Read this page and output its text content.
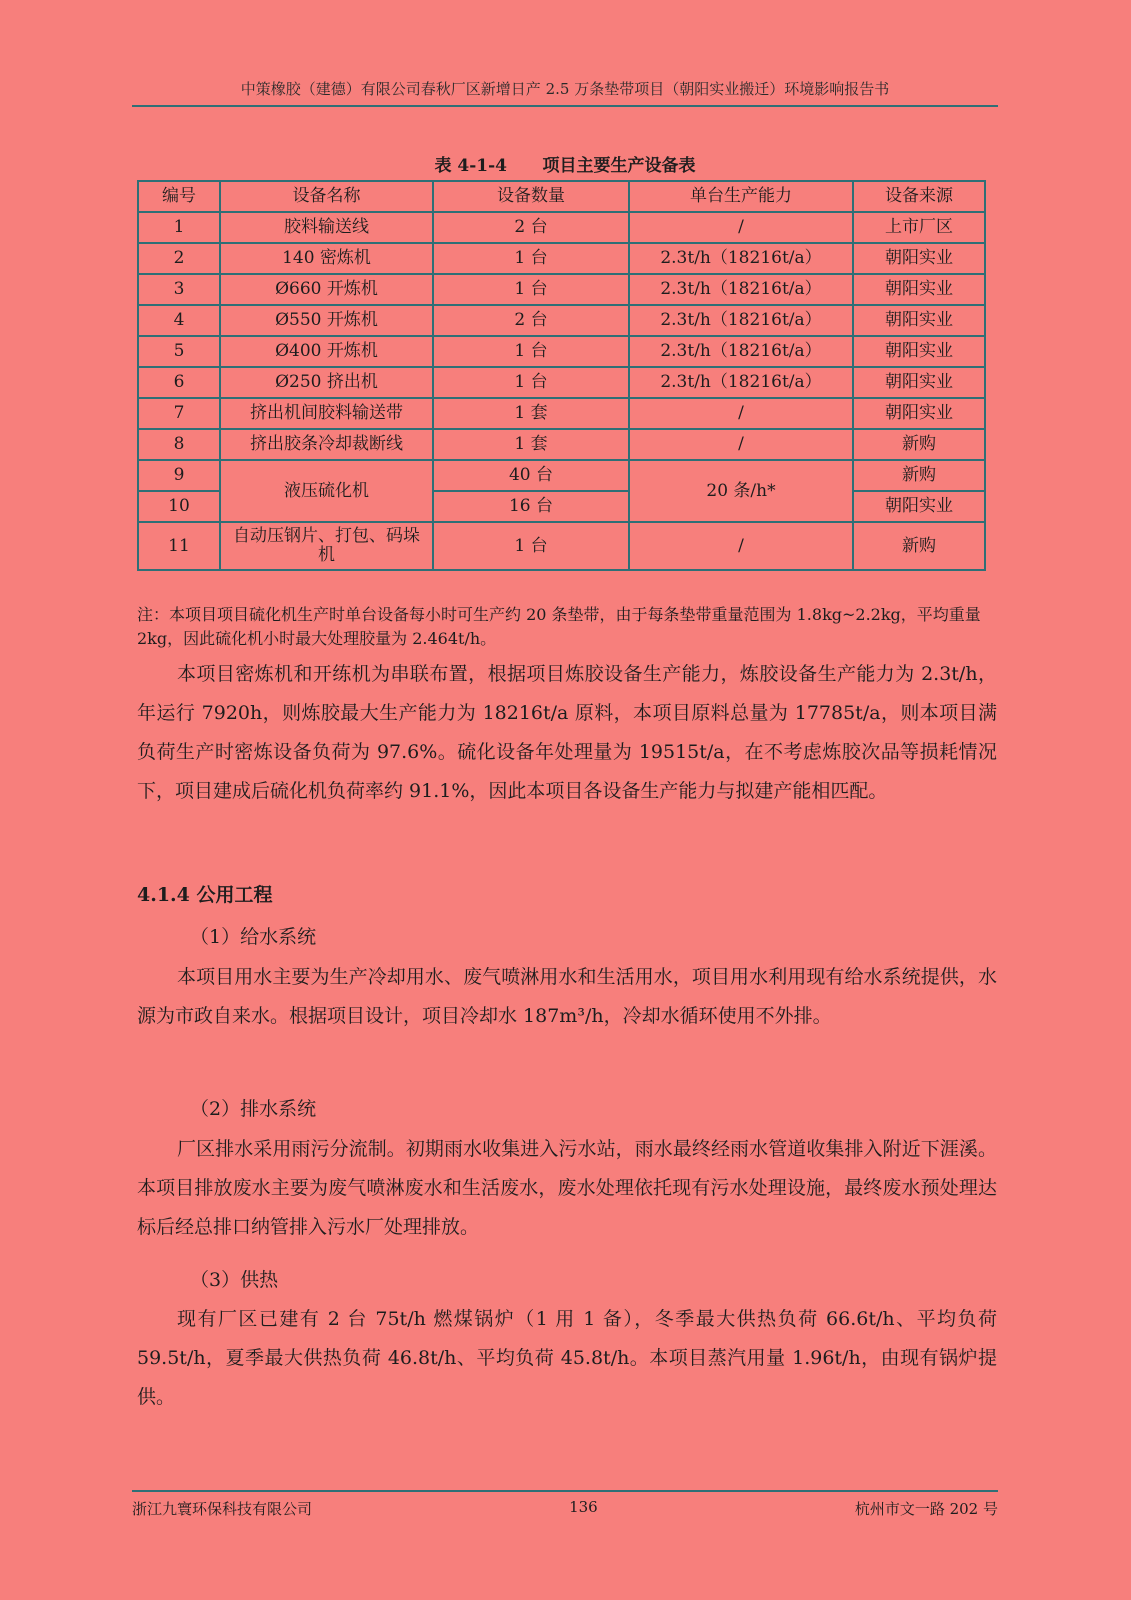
中策橡胶（建德）有限公司春秋厂区新增日产 2.5 万条垫带项目（朝阳实业搬迁）环境影响报告书
表 4-1-4      项目主要生产设备表
编号	设备名称	设备数量	单台生产能力	设备来源
1	胶料输送线	2 台	/	上市厂区
2	140 密炼机	1 台	2.3t/h（18216t/a）	朝阳实业
3	Ø660 开炼机	1 台	2.3t/h（18216t/a）	朝阳实业
4	Ø550 开炼机	2 台	2.3t/h（18216t/a）	朝阳实业
5	Ø400 开炼机	1 台	2.3t/h（18216t/a）	朝阳实业
6	Ø250 挤出机	1 台	2.3t/h（18216t/a）	朝阳实业
7	挤出机间胶料输送带	1 套	/	朝阳实业
8	挤出胶条冷却裁断线	1 套	/	新购
9	液压硫化机	40 台	20 条/h*	新购
10		16 台		朝阳实业
11	自动压钢片、打包、码垛机	1 台	/	新购
注：本项目项目硫化机生产时单台设备每小时可生产约 20 条垫带，由于每条垫带重量范围为 1.8kg~2.2kg，平均重量 2kg，因此硫化机小时最大处理胶量为 2.464t/h。

本项目密炼机和开练机为串联布置，根据项目炼胶设备生产能力，炼胶设备生产能力为 2.3t/h，年运行 7920h，则炼胶最大生产能力为 18216t/a 原料，本项目原料总量为 17785t/a，则本项目满负荷生产时密炼设备负荷为 97.6%。硫化设备年处理量为 19515t/a，在不考虑炼胶次品等损耗情况下，项目建成后硫化机负荷率约 91.1%，因此本项目各设备生产能力与拟建产能相匹配。

4.1.4 公用工程
（1）给水系统

本项目用水主要为生产冷却用水、废气喷淋用水和生活用水，项目用水利用现有给水系统提供，水源为市政自来水。根据项目设计，项目冷却水 187m³/h，冷却水循环使用不外排。

（2）排水系统

厂区排水采用雨污分流制。初期雨水收集进入污水站，雨水最终经雨水管道收集排入附近下涯溪。本项目排放废水主要为废气喷淋废水和生活废水，废水处理依托现有污水处理设施，最终废水预处理达标后经总排口纳管排入污水厂处理排放。

（3）供热

现有厂区已建有 2 台 75t/h 燃煤锅炉（1 用 1 备），冬季最大供热负荷 66.6t/h、平均负荷 59.5t/h，夏季最大供热负荷 46.8t/h、平均负荷 45.8t/h。本项目蒸汽用量 1.96t/h，由现有锅炉提供。

浙江九寰环保科技有限公司	136	杭州市文一路 202 号
